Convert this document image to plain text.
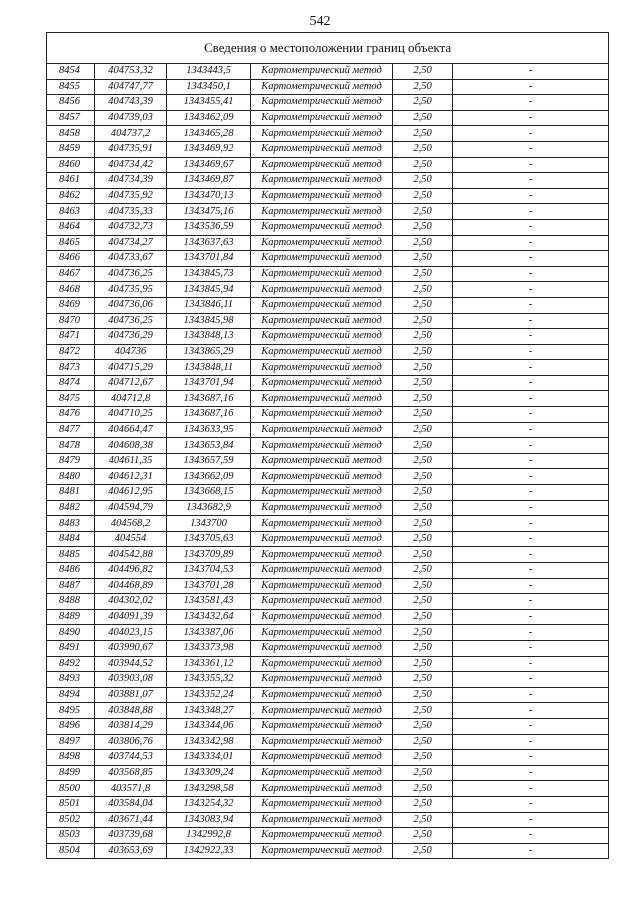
542
Сведения о местоположении границ объекта					
8454	404753,32	1343443,5	Картометрический метод	2,50	-
8455	404747,77	1343450,1	Картометрический метод	2,50	-
8456	404743,39	1343455,41	Картометрический метод	2,50	-
8457	404739,03	1343462,09	Картометрический метод	2,50	-
8458	404737,2	1343465,28	Картометрический метод	2,50	-
8459	404735,91	1343469,92	Картометрический метод	2,50	-
8460	404734,42	1343469,67	Картометрический метод	2,50	-
8461	404734,39	1343469,87	Картометрический метод	2,50	-
8462	404735,92	1343470,13	Картометрический метод	2,50	-
8463	404735,33	1343475,16	Картометрический метод	2,50	-
8464	404732,73	1343536,59	Картометрический метод	2,50	-
8465	404734,27	1343637,63	Картометрический метод	2,50	-
8466	404733,67	1343701,84	Картометрический метод	2,50	-
8467	404736,25	1343845,73	Картометрический метод	2,50	-
8468	404735,95	1343845,94	Картометрический метод	2,50	-
8469	404736,06	1343846,11	Картометрический метод	2,50	-
8470	404736,25	1343845,98	Картометрический метод	2,50	-
8471	404736,29	1343848,13	Картометрический метод	2,50	-
8472	404736	1343865,29	Картометрический метод	2,50	-
8473	404715,29	1343848,11	Картометрический метод	2,50	-
8474	404712,67	1343701,94	Картометрический метод	2,50	-
8475	404712,8	1343687,16	Картометрический метод	2,50	-
8476	404710,25	1343687,16	Картометрический метод	2,50	-
8477	404664,47	1343633,95	Картометрический метод	2,50	-
8478	404608,38	1343653,84	Картометрический метод	2,50	-
8479	404611,35	1343657,59	Картометрический метод	2,50	-
8480	404612,31	1343662,09	Картометрический метод	2,50	-
8481	404612,95	1343668,15	Картометрический метод	2,50	-
8482	404594,79	1343682,9	Картометрический метод	2,50	-
8483	404568,2	1343700	Картометрический метод	2,50	-
8484	404554	1343705,63	Картометрический метод	2,50	-
8485	404542,88	1343709,89	Картометрический метод	2,50	-
8486	404496,82	1343704,53	Картометрический метод	2,50	-
8487	404468,89	1343701,28	Картометрический метод	2,50	-
8488	404302,02	1343581,43	Картометрический метод	2,50	-
8489	404091,39	1343432,64	Картометрический метод	2,50	-
8490	404023,15	1343387,06	Картометрический метод	2,50	-
8491	403990,67	1343373,98	Картометрический метод	2,50	-
8492	403944,52	1343361,12	Картометрический метод	2,50	-
8493	403903,08	1343355,32	Картометрический метод	2,50	-
8494	403881,07	1343352,24	Картометрический метод	2,50	-
8495	403848,88	1343348,27	Картометрический метод	2,50	-
8496	403814,29	1343344,06	Картометрический метод	2,50	-
8497	403806,76	1343342,98	Картометрический метод	2,50	-
8498	403744,53	1343334,01	Картометрический метод	2,50	-
8499	403568,85	1343309,24	Картометрический метод	2,50	-
8500	403571,8	1343298,58	Картометрический метод	2,50	-
8501	403584,04	1343254,32	Картометрический метод	2,50	-
8502	403671,44	1343083,94	Картометрический метод	2,50	-
8503	403739,68	1342992,8	Картометрический метод	2,50	-
8504	403653,69	1342922,33	Картометрический метод	2,50	-
